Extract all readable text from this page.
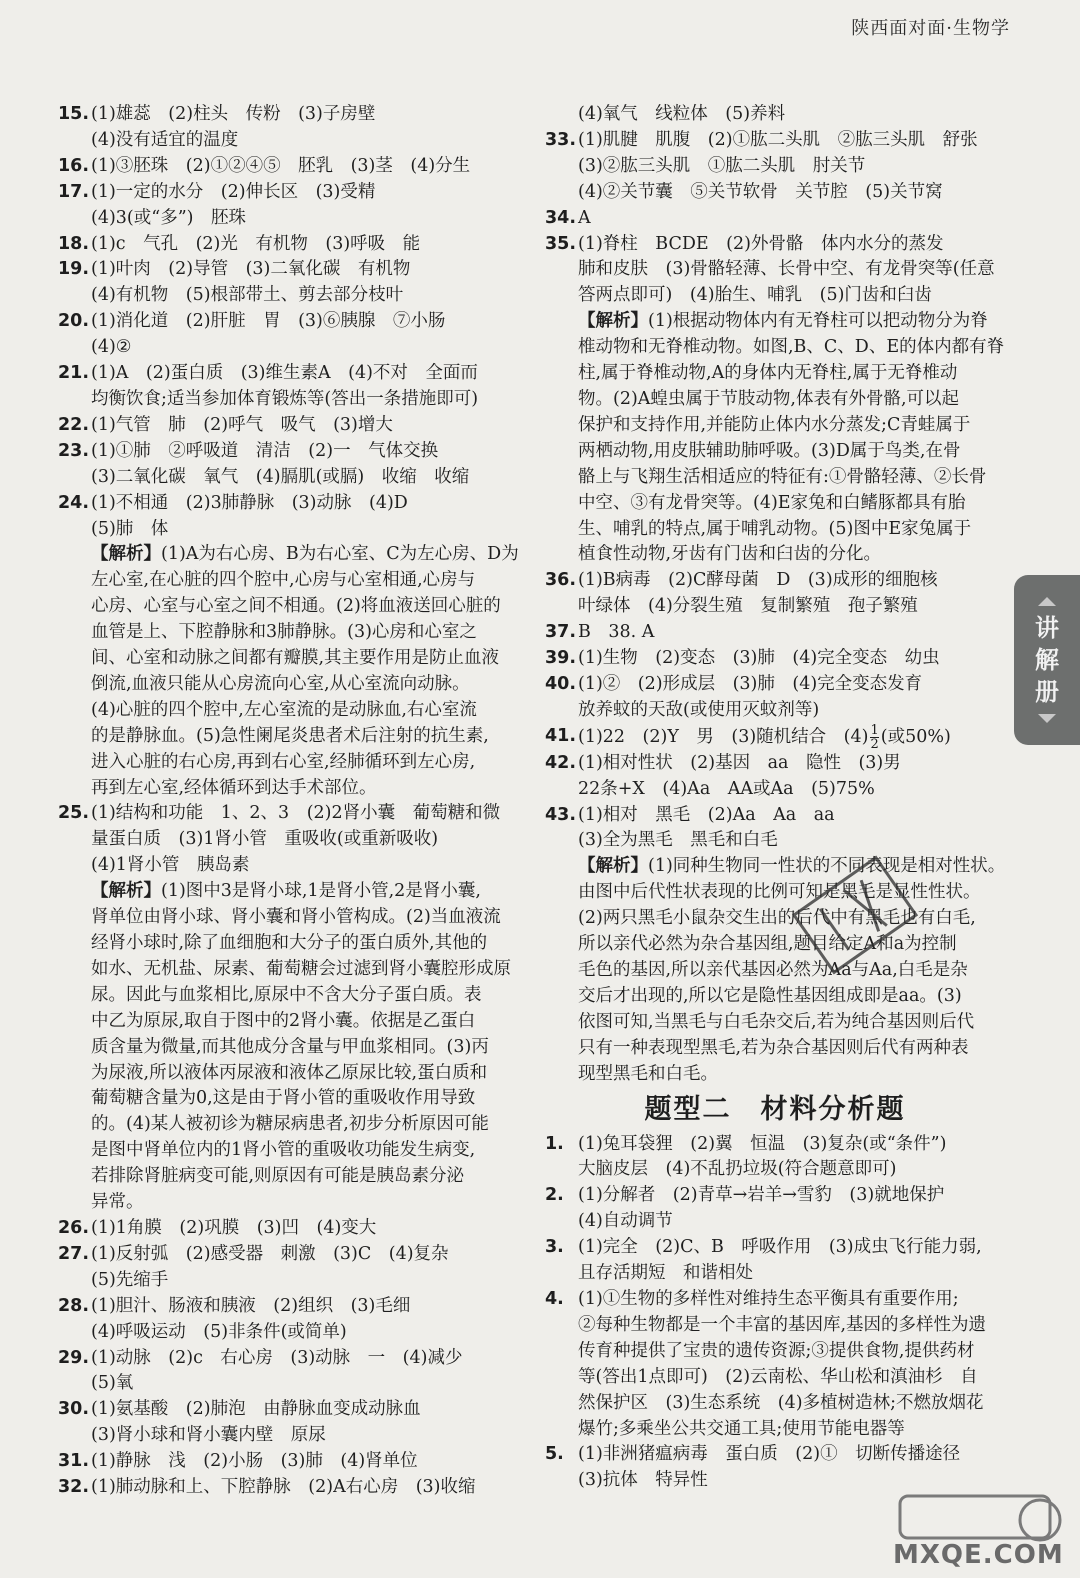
陕西面对面·生物学
15. (1)雄蕊　(2)柱头　传粉　(3)子房壁
(4)没有适宜的温度
16. (1)③胚珠　(2)①②④⑤　胚乳　(3)茎　(4)分生
17. (1)一定的水分　(2)伸长区　(3)受精
(4)3(或“多”)　胚珠
18. (1)c　气孔　(2)光　有机物　(3)呼吸　能
19. (1)叶肉　(2)导管　(3)二氧化碳　有机物
(4)有机物　(5)根部带土、剪去部分枝叶
20. (1)消化道　(2)肝脏　胃　(3)⑥胰腺　⑦小肠
(4)②
21. (1)A　(2)蛋白质　(3)维生素A　(4)不对　全面而
均衡饮食;适当参加体育锻炼等(答出一条措施即可)
22. (1)气管　肺　(2)呼气　吸气　(3)增大
23. (1)①肺　②呼吸道　清洁　(2)一　气体交换
(3)二氧化碳　氧气　(4)膈肌(或膈)　收缩　收缩
24. (1)不相通　(2)3肺静脉　(3)动脉　(4)D
(5)肺　体
【解析】(1)A为右心房、B为右心室、C为左心房、D为
左心室,在心脏的四个腔中,心房与心室相通,心房与
心房、心室与心室之间不相通。(2)将血液送回心脏的
血管是上、下腔静脉和3肺静脉。(3)心房和心室之
间、心室和动脉之间都有瓣膜,其主要作用是防止血液
倒流,血液只能从心房流向心室,从心室流向动脉。
(4)心脏的四个腔中,左心室流的是动脉血,右心室流
的是静脉血。(5)急性阑尾炎患者术后注射的抗生素,
进入心脏的右心房,再到右心室,经肺循环到左心房,
再到左心室,经体循环到达手术部位。
25. (1)结构和功能　1、2、3　(2)2肾小囊　葡萄糖和微
量蛋白质　(3)1肾小管　重吸收(或重新吸收)
(4)1肾小管　胰岛素
【解析】(1)图中3是肾小球,1是肾小管,2是肾小囊,
肾单位由肾小球、肾小囊和肾小管构成。(2)当血液流
经肾小球时,除了血细胞和大分子的蛋白质外,其他的
如水、无机盐、尿素、葡萄糖会过滤到肾小囊腔形成原
尿。因此与血浆相比,原尿中不含大分子蛋白质。表
中乙为原尿,取自于图中的2肾小囊。依据是乙蛋白
质含量为微量,而其他成分含量与甲血浆相同。(3)丙
为尿液,所以液体丙尿液和液体乙原尿比较,蛋白质和
葡萄糖含量为0,这是由于肾小管的重吸收作用导致
的。(4)某人被初诊为糖尿病患者,初步分析原因可能
是图中肾单位内的1肾小管的重吸收功能发生病变,
若排除肾脏病变可能,则原因有可能是胰岛素分泌
异常。
26. (1)1角膜　(2)巩膜　(3)凹　(4)变大
27. (1)反射弧　(2)感受器　刺激　(3)C　(4)复杂
(5)先缩手
28. (1)胆汁、肠液和胰液　(2)组织　(3)毛细
(4)呼吸运动　(5)非条件(或简单)
29. (1)动脉　(2)c　右心房　(3)动脉　一　(4)减少
(5)氧
30. (1)氨基酸　(2)肺泡　由静脉血变成动脉血
(3)肾小球和肾小囊内壁　原尿
31. (1)静脉　浅　(2)小肠　(3)肺　(4)肾单位
32. (1)肺动脉和上、下腔静脉　(2)A右心房　(3)收缩
(4)氧气　线粒体　(5)养料
33. (1)肌腱　肌腹　(2)①肱二头肌　②肱三头肌　舒张
(3)②肱三头肌　①肱二头肌　肘关节
(4)②关节囊　⑤关节软骨　关节腔　(5)关节窝
34. A
35. (1)脊柱　BCDE　(2)外骨骼　体内水分的蒸发
肺和皮肤　(3)骨骼轻薄、长骨中空、有龙骨突等(任意
答两点即可)　(4)胎生、哺乳　(5)门齿和臼齿
【解析】(1)根据动物体内有无脊柱可以把动物分为脊
椎动物和无脊椎动物。如图,B、C、D、E的体内都有脊
柱,属于脊椎动物,A的身体内无脊柱,属于无脊椎动
物。(2)A蝗虫属于节肢动物,体表有外骨骼,可以起
保护和支持作用,并能防止体内水分蒸发;C青蛙属于
两栖动物,用皮肤辅助肺呼吸。(3)D属于鸟类,在骨
骼上与飞翔生活相适应的特征有:①骨骼轻薄、②长骨
中空、③有龙骨突等。(4)E家兔和白鳍豚都具有胎
生、哺乳的特点,属于哺乳动物。(5)图中E家兔属于
植食性动物,牙齿有门齿和臼齿的分化。
36. (1)B病毒　(2)C酵母菌　D　(3)成形的细胞核
叶绿体　(4)分裂生殖　复制繁殖　孢子繁殖
37. B　38. A
39. (1)生物　(2)变态　(3)肺　(4)完全变态　幼虫
40. (1)②　(2)形成层　(3)肺　(4)完全变态发育
放养蚊的天敌(或使用灭蚊剂等)
41. (1)22　(2)Y　男　(3)随机结合　$(4) \frac{1}{2}$ (或50%)
42. (1)相对性状　(2)基因　aa　隐性　(3)男
22条+X　(4)Aa　AA或Aa　(5)75%
43. (1)相对　黑毛　(2)Aa　Aa　aa
(3)全为黑毛　黑毛和白毛
【解析】(1)同种生物同一性状的不同表现是相对性状。
由图中后代性状表现的比例可知是黑毛是显性性状。
(2)两只黑毛小鼠杂交生出的后代中有黑毛也有白毛,
所以亲代必然为杂合基因组,题目给定A和a为控制
毛色的基因,所以亲代基因必然为Aa与Aa,白毛是杂
交后才出现的,所以它是隐性基因组成即是aa。(3)
依图可知,当黑毛与白毛杂交后,若为纯合基因则后代
只有一种表现型黑毛,若为杂合基因则后代有两种表
现型黑毛和白毛。
题型二　材料分析题
1. (1)兔耳袋狸　(2)翼　恒温　(3)复杂(或“条件”)
大脑皮层　(4)不乱扔垃圾(符合题意即可)
2. (1)分解者　(2)青草→岩羊→雪豹　(3)就地保护
(4)自动调节
3. (1)完全　(2)C、B　呼吸作用　(3)成虫飞行能力弱,
且存活期短　和谐相处
4. (1)①生物的多样性对维持生态平衡具有重要作用;
②每种生物都是一个丰富的基因库,基因的多样性为遗
传育种提供了宝贵的遗传资源;③提供食物,提供药材
等(答出1点即可)　(2)云南松、华山松和滇油杉　自
然保护区　(3)生态系统　(4)多植树造林;不燃放烟花
爆竹;多乘坐公共交通工具;使用节能电器等
5. (1)非洲猪瘟病毒　蛋白质　(2)①　切断传播途径
(3)抗体　特异性
讲解册
MXQE.COM
